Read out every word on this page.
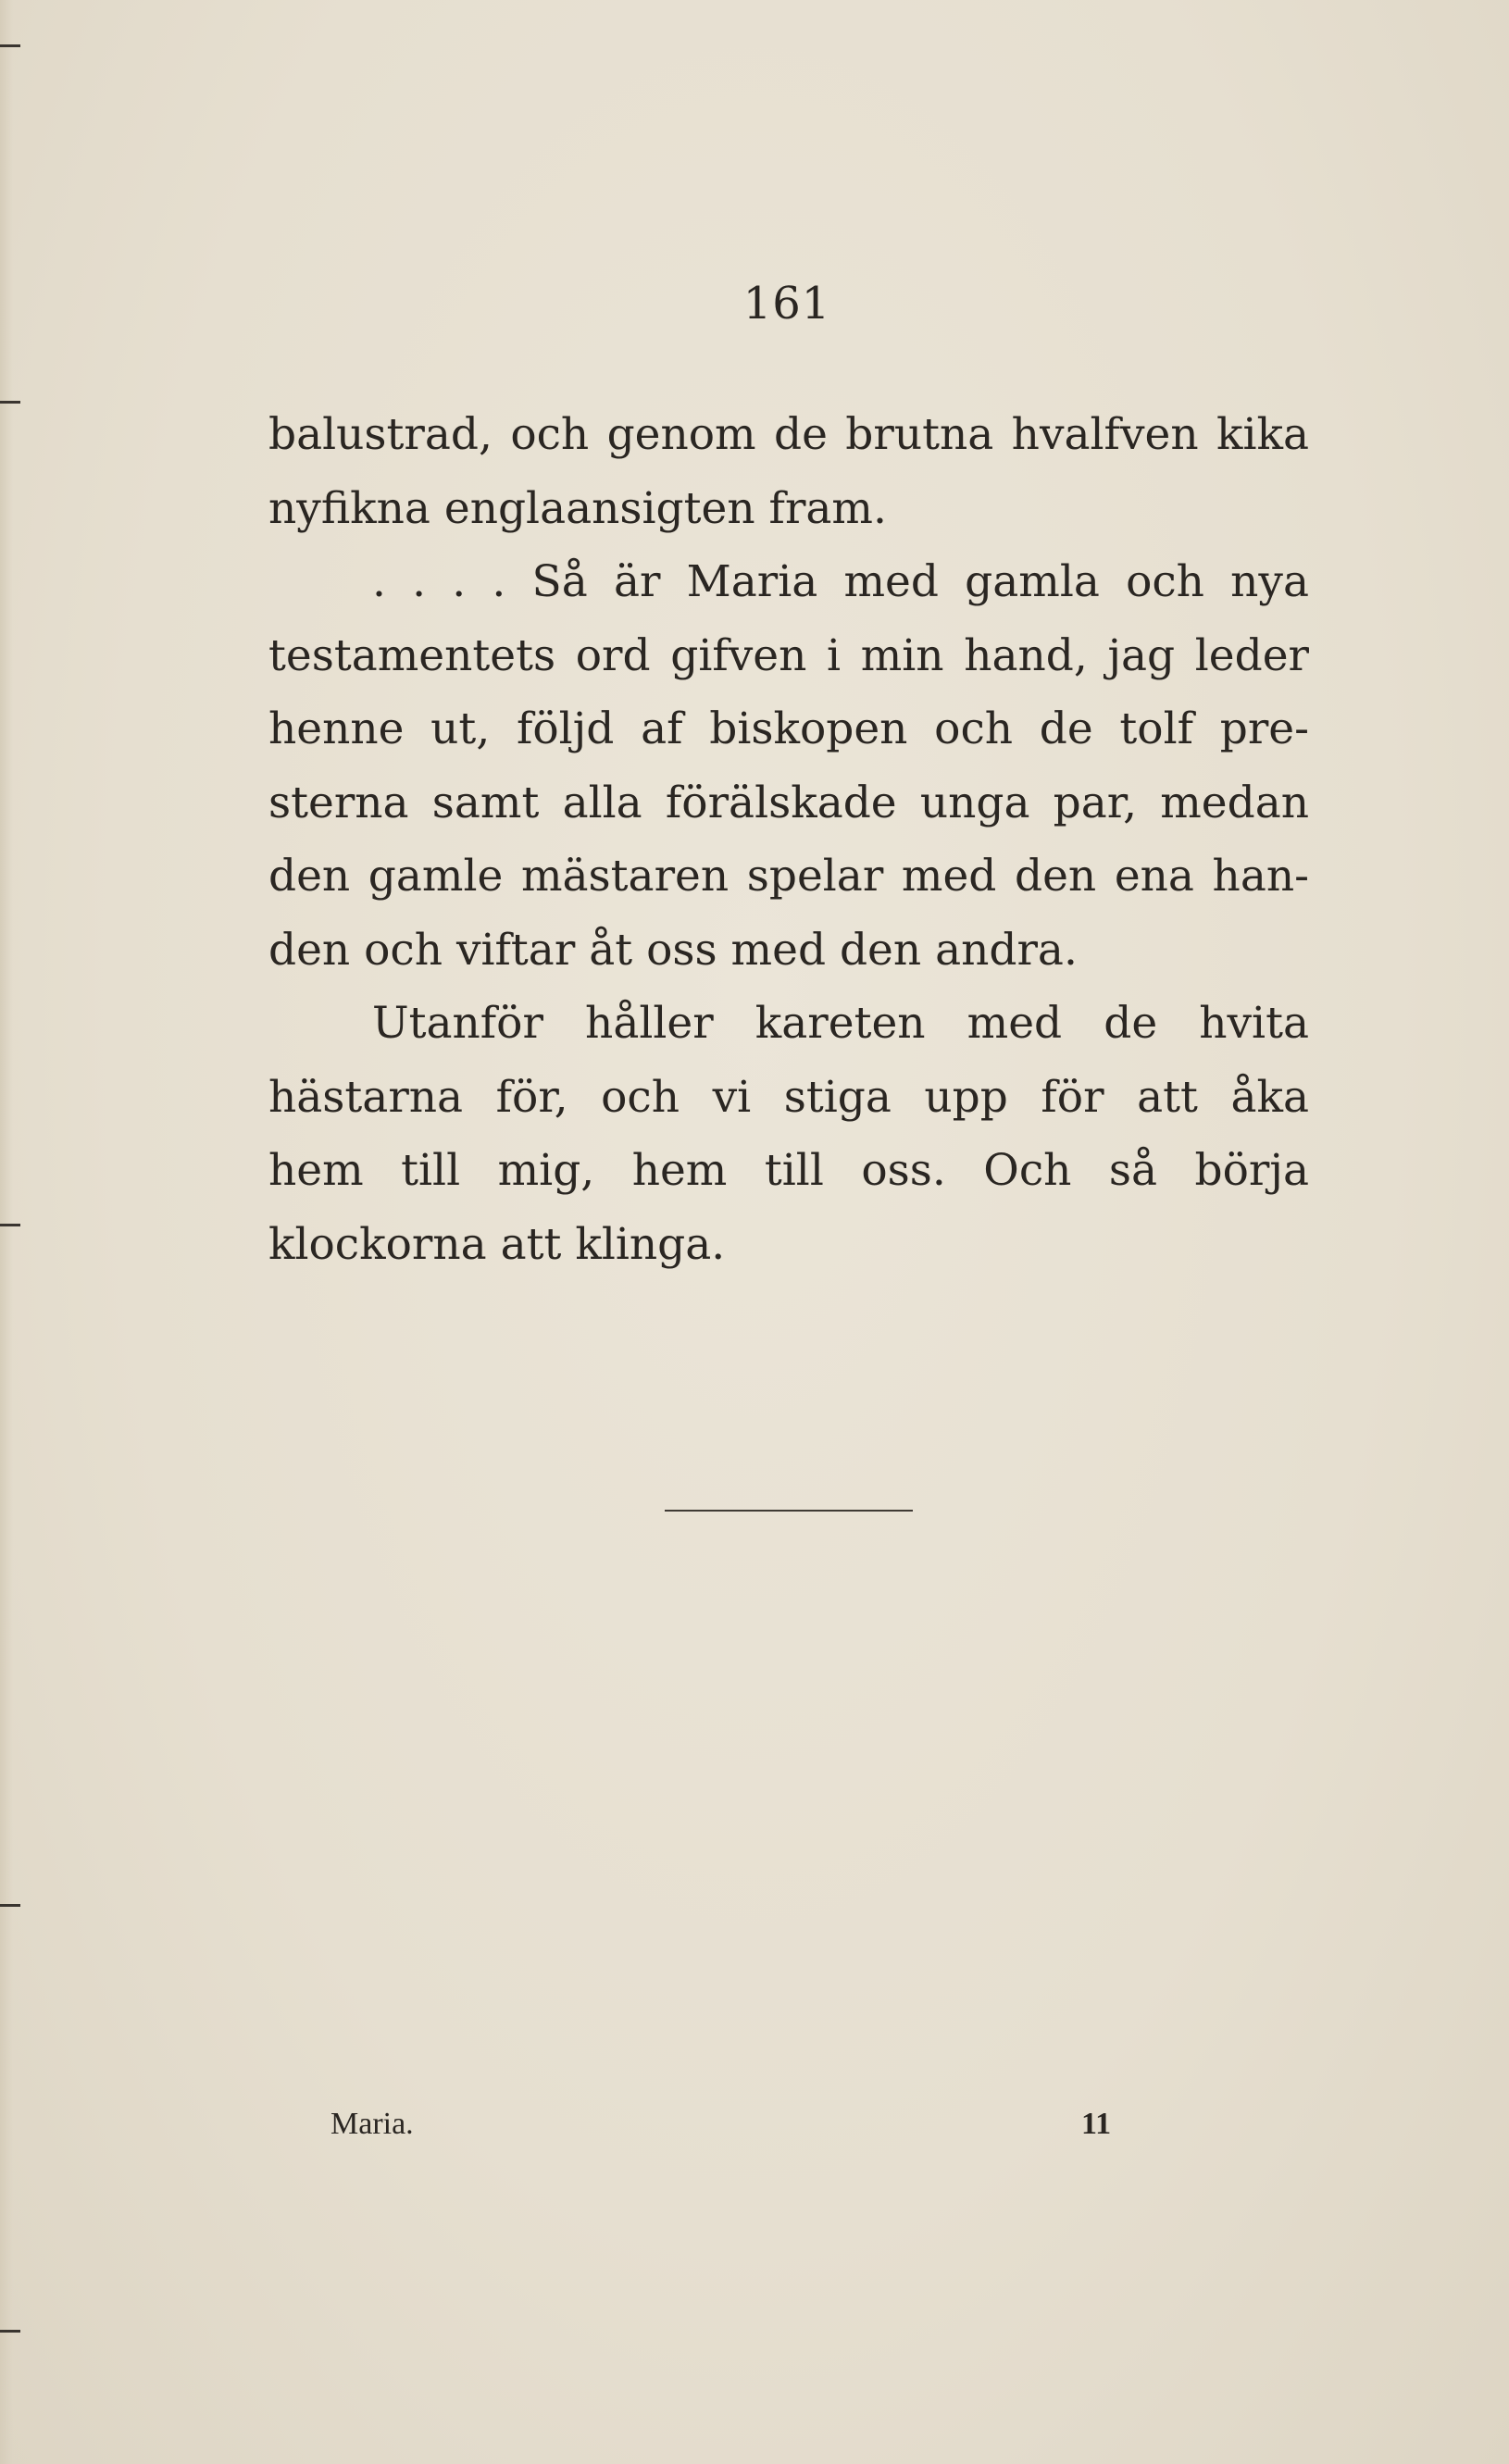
161
balustrad, och genom de brutna hvalfven kika
nyfikna englaansigten fram.
. . . . Så är Maria med gamla och nya
testamentets ord gifven i min hand, jag leder
henne ut, följd af biskopen och de tolf pre-
sterna samt alla förälskade unga par, medan
den gamle mästaren spelar med den ena han-
den och viftar åt oss med den andra.
Utanför håller kareten med de hvita
hästarna för, och vi stiga upp för att åka
hem till mig, hem till oss. Och så börja
klockorna att klinga.
Maria.	11
